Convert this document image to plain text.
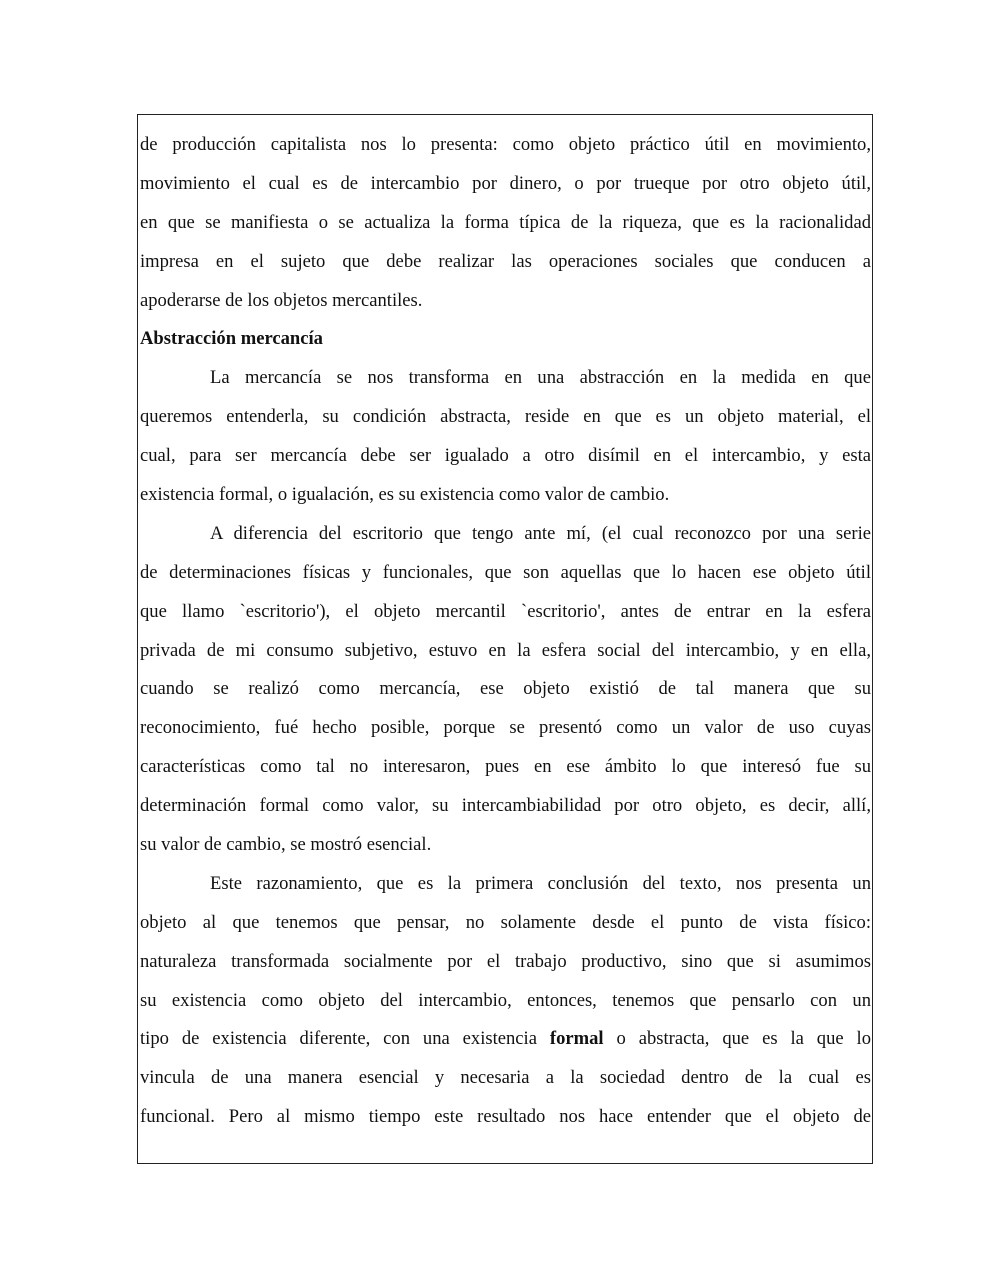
de producción capitalista nos lo presenta: como objeto práctico útil en movimiento,
movimiento el cual es de intercambio por dinero, o por trueque por otro objeto útil,
en que se manifiesta o se actualiza la forma típica de la riqueza, que es la racionalidad
impresa en el sujeto que debe realizar las operaciones sociales que conducen a
apoderarse de los objetos mercantiles.
Abstracción mercancía
La mercancía se nos transforma en una abstracción en la medida en que
queremos entenderla, su condición abstracta, reside en que es un objeto material, el
cual, para ser mercancía debe ser igualado a otro disímil en el intercambio, y esta
existencia formal, o igualación, es su existencia como valor de cambio.
A diferencia del escritorio que tengo ante mí, (el cual reconozco por una serie
de determinaciones físicas y funcionales, que son aquellas que lo hacen ese objeto útil
que llamo `escritorio'), el objeto mercantil `escritorio', antes de entrar en la esfera
privada de mi consumo subjetivo, estuvo en la esfera social del intercambio, y en ella,
cuando se realizó como mercancía, ese objeto existió de tal manera que su
reconocimiento, fué hecho posible, porque se presentó como un valor de uso cuyas
características como tal no interesaron, pues en ese ámbito lo que interesó fue su
determinación formal como valor, su intercambiabilidad por otro objeto, es decir, allí,
su valor de cambio, se mostró esencial.
Este razonamiento, que es la primera conclusión del texto, nos presenta un
objeto al que tenemos que pensar, no solamente desde el punto de vista físico:
naturaleza transformada socialmente por el trabajo productivo, sino que si asumimos
su existencia como objeto del intercambio, entonces, tenemos que pensarlo con un
tipo de existencia diferente, con una existencia formal o abstracta, que es la que lo
vincula de una manera esencial y necesaria a la sociedad dentro de la cual es
funcional. Pero al mismo tiempo este resultado nos hace entender que el objeto de
